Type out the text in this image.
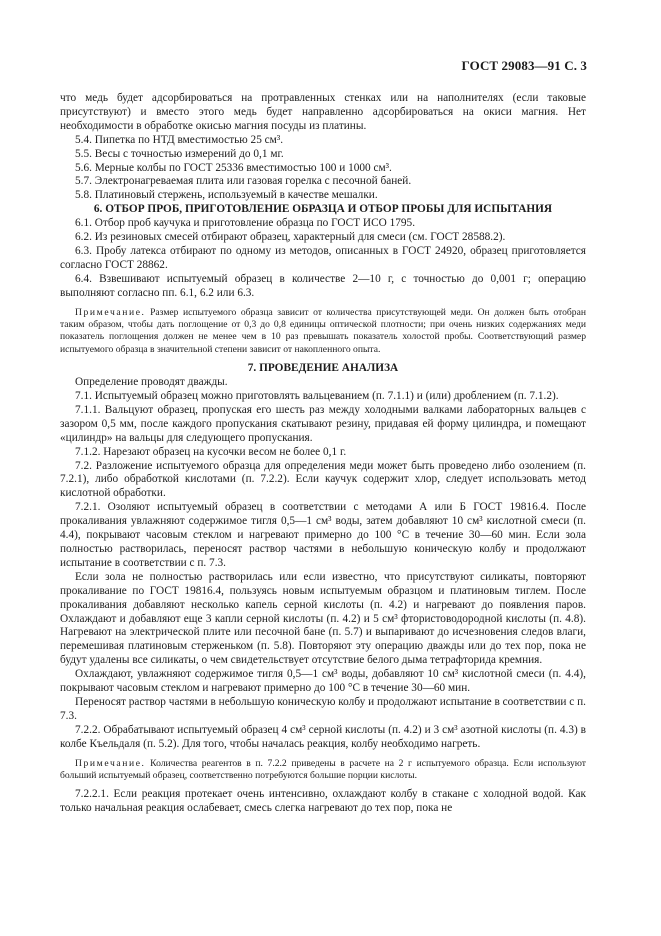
ГОСТ 29083—91 С. 3

что медь будет адсорбироваться на протравленных стенках или на наполнителях (если таковые присутствуют) и вместо этого медь будет направленно адсорбироваться на окиси магния. Нет необходимости в обработке окисью магния посуды из платины.

5.4. Пипетка по НТД вместимостью 25 см³.

5.5. Весы с точностью измерений до 0,1 мг.

5.6. Мерные колбы по ГОСТ 25336 вместимостью 100 и 1000 см³.

5.7. Электронагреваемая плита или газовая горелка с песочной баней.

5.8. Платиновый стержень, используемый в качестве мешалки.

6. ОТБОР ПРОБ, ПРИГОТОВЛЕНИЕ ОБРАЗЦА И ОТБОР ПРОБЫ ДЛЯ ИСПЫТАНИЯ

6.1. Отбор проб каучука и приготовление образца по ГОСТ ИСО 1795.

6.2. Из резиновых смесей отбирают образец, характерный для смеси (см. ГОСТ 28588.2).

6.3. Пробу латекса отбирают по одному из методов, описанных в ГОСТ 24920, образец приготовляется согласно ГОСТ 28862.

6.4. Взвешивают испытуемый образец в количестве 2—10 г, с точностью до 0,001 г; операцию выполняют согласно пп. 6.1, 6.2 или 6.3.

Примечание. Размер испытуемого образца зависит от количества присутствующей меди. Он должен быть отобран таким образом, чтобы дать поглощение от 0,3 до 0,8 единицы оптической плотности; при очень низких содержаниях меди показатель поглощения должен не менее чем в 10 раз превышать показатель холостой пробы. Соответствующий размер испытуемого образца в значительной степени зависит от накопленного опыта.

7. ПРОВЕДЕНИЕ АНАЛИЗА

Определение проводят дважды.

7.1. Испытуемый образец можно приготовлять вальцеванием (п. 7.1.1) и (или) дроблением (п. 7.1.2).

7.1.1. Вальцуют образец, пропуская его шесть раз между холодными валками лабораторных вальцев с зазором 0,5 мм, после каждого пропускания скатывают резину, придавая ей форму цилиндра, и помещают «цилиндр» на вальцы для следующего пропускания.

7.1.2. Нарезают образец на кусочки весом не более 0,1 г.

7.2. Разложение испытуемого образца для определения меди может быть проведено либо озолением (п. 7.2.1), либо обработкой кислотами (п. 7.2.2). Если каучук содержит хлор, следует использовать метод кислотной обработки.

7.2.1. Озоляют испытуемый образец в соответствии с методами А или Б ГОСТ 19816.4. После прокаливания увлажняют содержимое тигля 0,5—1 см³ воды, затем добавляют 10 см³ кислотной смеси (п. 4.4), покрывают часовым стеклом и нагревают примерно до 100 °С в течение 30—60 мин. Если зола полностью растворилась, переносят раствор частями в небольшую коническую колбу и продолжают испытание в соответствии с п. 7.3.

Если зола не полностью растворилась или если известно, что присутствуют силикаты, повторяют прокаливание по ГОСТ 19816.4, пользуясь новым испытуемым образцом и платиновым тиглем. После прокаливания добавляют несколько капель серной кислоты (п. 4.2) и нагревают до появления паров. Охлаждают и добавляют еще 3 капли серной кислоты (п. 4.2) и 5 см³ фтористоводородной кислоты (п. 4.8). Нагревают на электрической плите или песочной бане (п. 5.7) и выпаривают до исчезновения следов влаги, перемешивая платиновым стерженьком (п. 5.8). Повторяют эту операцию дважды или до тех пор, пока не будут удалены все силикаты, о чем свидетельствует отсутствие белого дыма тетрафторида кремния.

Охлаждают, увлажняют содержимое тигля 0,5—1 см³ воды, добавляют 10 см³ кислотной смеси (п. 4.4), покрывают часовым стеклом и нагревают примерно до 100 °С в течение 30—60 мин.

Переносят раствор частями в небольшую коническую колбу и продолжают испытание в соответствии с п. 7.3.

7.2.2. Обрабатывают испытуемый образец 4 см³ серной кислоты (п. 4.2) и 3 см³ азотной кислоты (п. 4.3) в колбе Къельдаля (п. 5.2). Для того, чтобы началась реакция, колбу необходимо нагреть.

Примечание. Количества реагентов в п. 7.2.2 приведены в расчете на 2 г испытуемого образца. Если используют больший испытуемый образец, соответственно потребуются большие порции кислоты.

7.2.2.1. Если реакция протекает очень интенсивно, охлаждают колбу в стакане с холодной водой. Как только начальная реакция ослабевает, смесь слегка нагревают до тех пор, пока не
